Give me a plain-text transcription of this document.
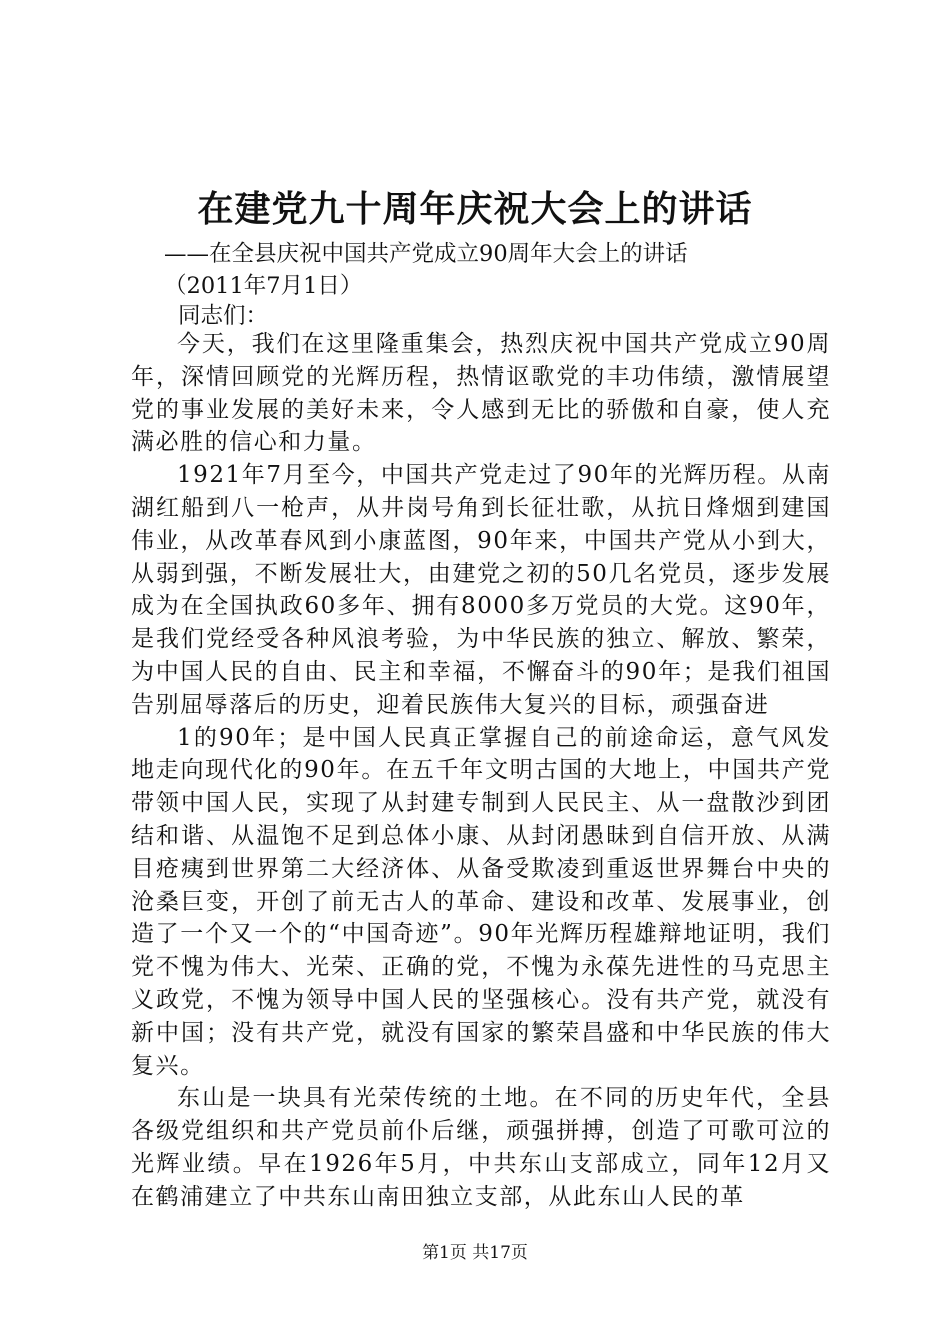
在建党九十周年庆祝大会上的讲话
——在全县庆祝中国共产党成立90周年大会上的讲话
（2011年7月1日）
同志们：

今天，我们在这里隆重集会，热烈庆祝中国共产党成立90周年，深情回顾党的光辉历程，热情讴歌党的丰功伟绩，激情展望党的事业发展的美好未来，令人感到无比的骄傲和自豪，使人充满必胜的信心和力量。

1921年7月至今，中国共产党走过了90年的光辉历程。从南湖红船到八一枪声，从井岗号角到长征壮歌，从抗日烽烟到建国伟业，从改革春风到小康蓝图，90年来，中国共产党从小到大，从弱到强，不断发展壮大，由建党之初的50几名党员，逐步发展成为在全国执政60多年、拥有8000多万党员的大党。这90年，是我们党经受各种风浪考验，为中华民族的独立、解放、繁荣，为中国人民的自由、民主和幸福，不懈奋斗的90年；是我们祖国告别屈辱落后的历史，迎着民族伟大复兴的目标，顽强奋进

1的90年；是中国人民真正掌握自己的前途命运，意气风发地走向现代化的90年。在五千年文明古国的大地上，中国共产党带领中国人民，实现了从封建专制到人民民主、从一盘散沙到团结和谐、从温饱不足到总体小康、从封闭愚昧到自信开放、从满目疮痍到世界第二大经济体、从备受欺凌到重返世界舞台中央的沧桑巨变，开创了前无古人的革命、建设和改革、发展事业，创造了一个又一个的“中国奇迹”。90年光辉历程雄辩地证明，我们党不愧为伟大、光荣、正确的党，不愧为永葆先进性的马克思主义政党，不愧为领导中国人民的坚强核心。没有共产党，就没有新中国；没有共产党，就没有国家的繁荣昌盛和中华民族的伟大复兴。

东山是一块具有光荣传统的土地。在不同的历史年代，全县各级党组织和共产党员前仆后继，顽强拼搏，创造了可歌可泣的光辉业绩。早在1926年5月，中共东山支部成立，同年12月又在鹤浦建立了中共东山南田独立支部，从此东山人民的革

第1页 共17页
